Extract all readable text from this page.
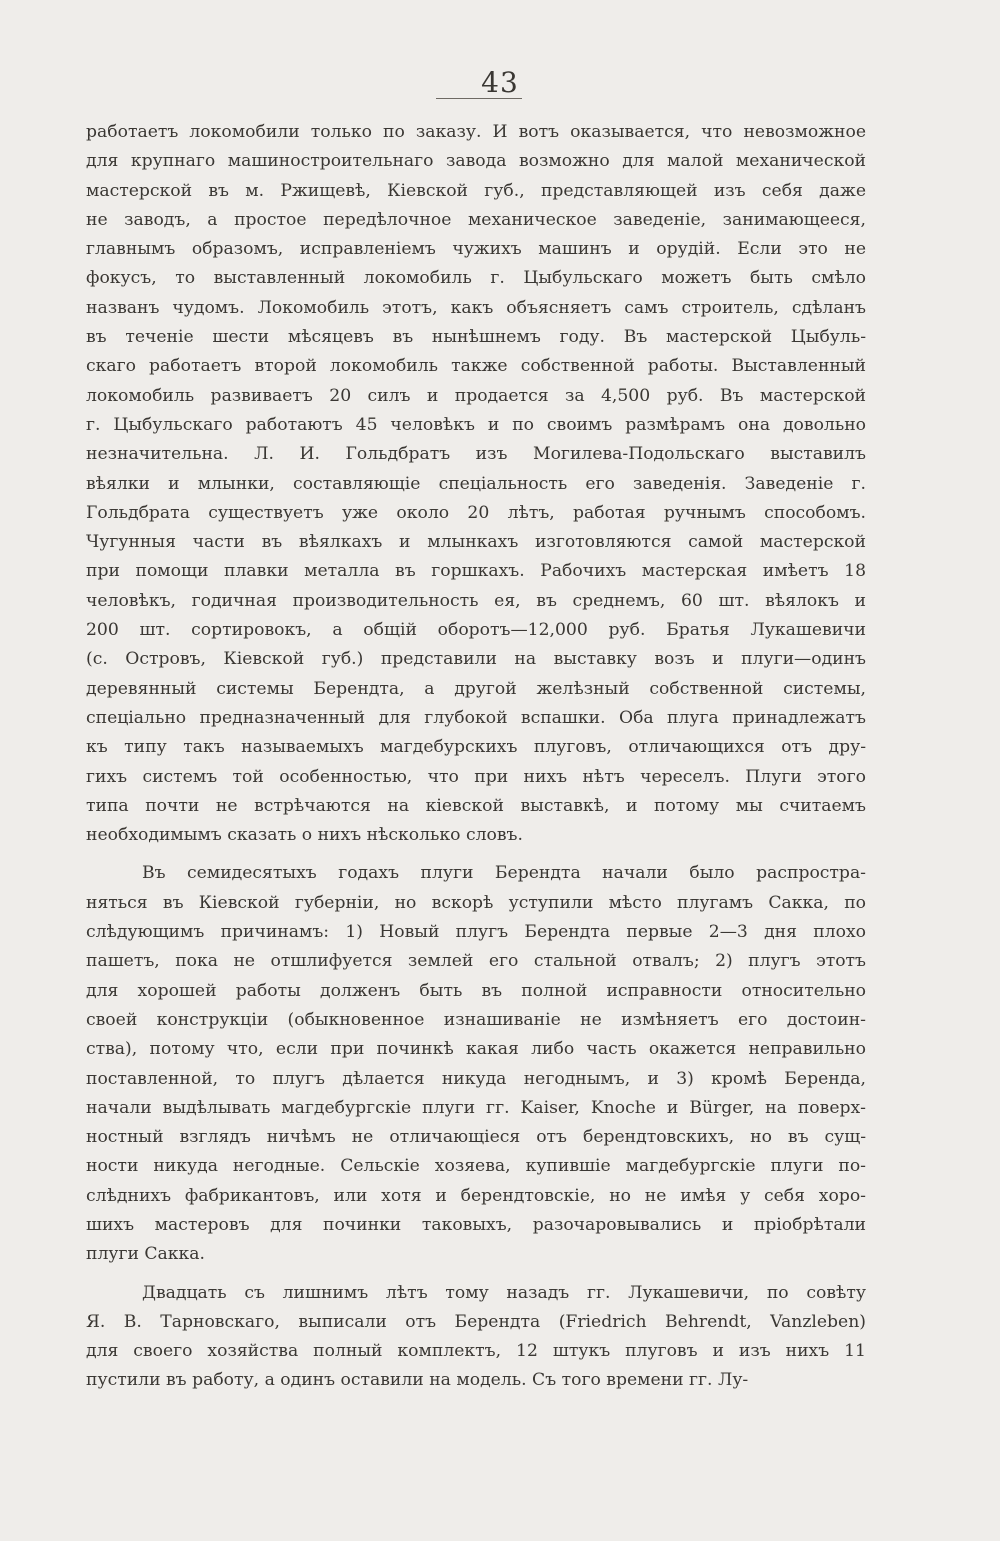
43
работаетъ локомобили только по заказу. И вотъ оказывается, что невозможное
для крупнаго машиностроительнаго завода возможно для малой механической
мастерской въ м. Ржищевѣ, Кіевской губ., представляющей изъ себя даже
не заводъ, а простое передѣлочное механическое заведеніе, занимающееся,
главнымъ образомъ, исправленіемъ чужихъ машинъ и орудій. Если это не
фокусъ, то выставленный локомобиль г. Цыбульскаго можетъ быть смѣло
названъ чудомъ. Локомобиль этотъ, какъ объясняетъ самъ строитель, сдѣланъ
въ теченіе шести мѣсяцевъ въ нынѣшнемъ году. Въ мастерской Цыбуль-
скаго работаетъ второй локомобиль также собственной работы. Выставленный
локомобиль развиваетъ 20 силъ и продается за 4,500 руб. Въ мастерской
г. Цыбульскаго работаютъ 45 человѣкъ и по своимъ размѣрамъ она довольно
незначительна. Л. И. Гольдбратъ изъ Могилева-Подольскаго выставилъ
вѣялки и млынки, составляющіе спеціальность его заведенія. Заведеніе г.
Гольдбрата существуетъ уже около 20 лѣтъ, работая ручнымъ способомъ.
Чугунныя части въ вѣялкахъ и млынкахъ изготовляются самой мастерской
при помощи плавки металла въ горшкахъ. Рабочихъ мастерская имѣетъ 18
человѣкъ, годичная производительность ея, въ среднемъ, 60 шт. вѣялокъ и
200 шт. сортировокъ, а общій оборотъ—12,000 руб. Братья Лукашевичи
(с. Островъ, Кіевской губ.) представили на выставку возъ и плуги—одинъ
деревянный системы Берендта, а другой желѣзный собственной системы,
спеціально предназначенный для глубокой вспашки. Оба плуга принадлежатъ
къ типу такъ называемыхъ магдебурскихъ плуговъ, отличающихся отъ дру-
гихъ системъ той особенностью, что при нихъ нѣтъ череселъ. Плуги этого
типа почти не встрѣчаются на кіевской выставкѣ, и потому мы считаемъ
необходимымъ сказать о нихъ нѣсколько словъ.
Въ семидесятыхъ годахъ плуги Берендта начали было распростра-
няться въ Кіевской губерніи, но вскорѣ уступили мѣсто плугамъ Сакка, по
слѣдующимъ причинамъ: 1) Новый плугъ Берендта первые 2—3 дня плохо
пашетъ, пока не отшлифуется землей его стальной отвалъ; 2) плугъ этотъ
для хорошей работы долженъ быть въ полной исправности относительно
своей конструкціи (обыкновенное изнашиваніе не измѣняетъ его достоин-
ства), потому что, если при починкѣ какая либо часть окажется неправильно
поставленной, то плугъ дѣлается никуда негоднымъ, и 3) кромѣ Беренда,
начали выдѣлывать магдебургскіе плуги гг. Kaiser, Knoche и Bürger, на поверх-
ностный взглядъ ничѣмъ не отличающіеся отъ берендтовскихъ, но въ сущ-
ности никуда негодные. Сельскіе хозяева, купившіе магдебургскіе плуги по-
слѣднихъ фабрикантовъ, или хотя и берендтовскіе, но не имѣя у себя хоро-
шихъ мастеровъ для починки таковыхъ, разочаровывались и пріобрѣтали
плуги Сакка.
Двадцать съ лишнимъ лѣтъ тому назадъ гг. Лукашевичи, по совѣту
Я. В. Тарновскаго, выписали отъ Берендта (Friedrich Behrendt, Vanzleben)
для своего хозяйства полный комплектъ, 12 штукъ плуговъ и изъ нихъ 11
пустили въ работу, а одинъ оставили на модель. Съ того времени гг. Лу-
